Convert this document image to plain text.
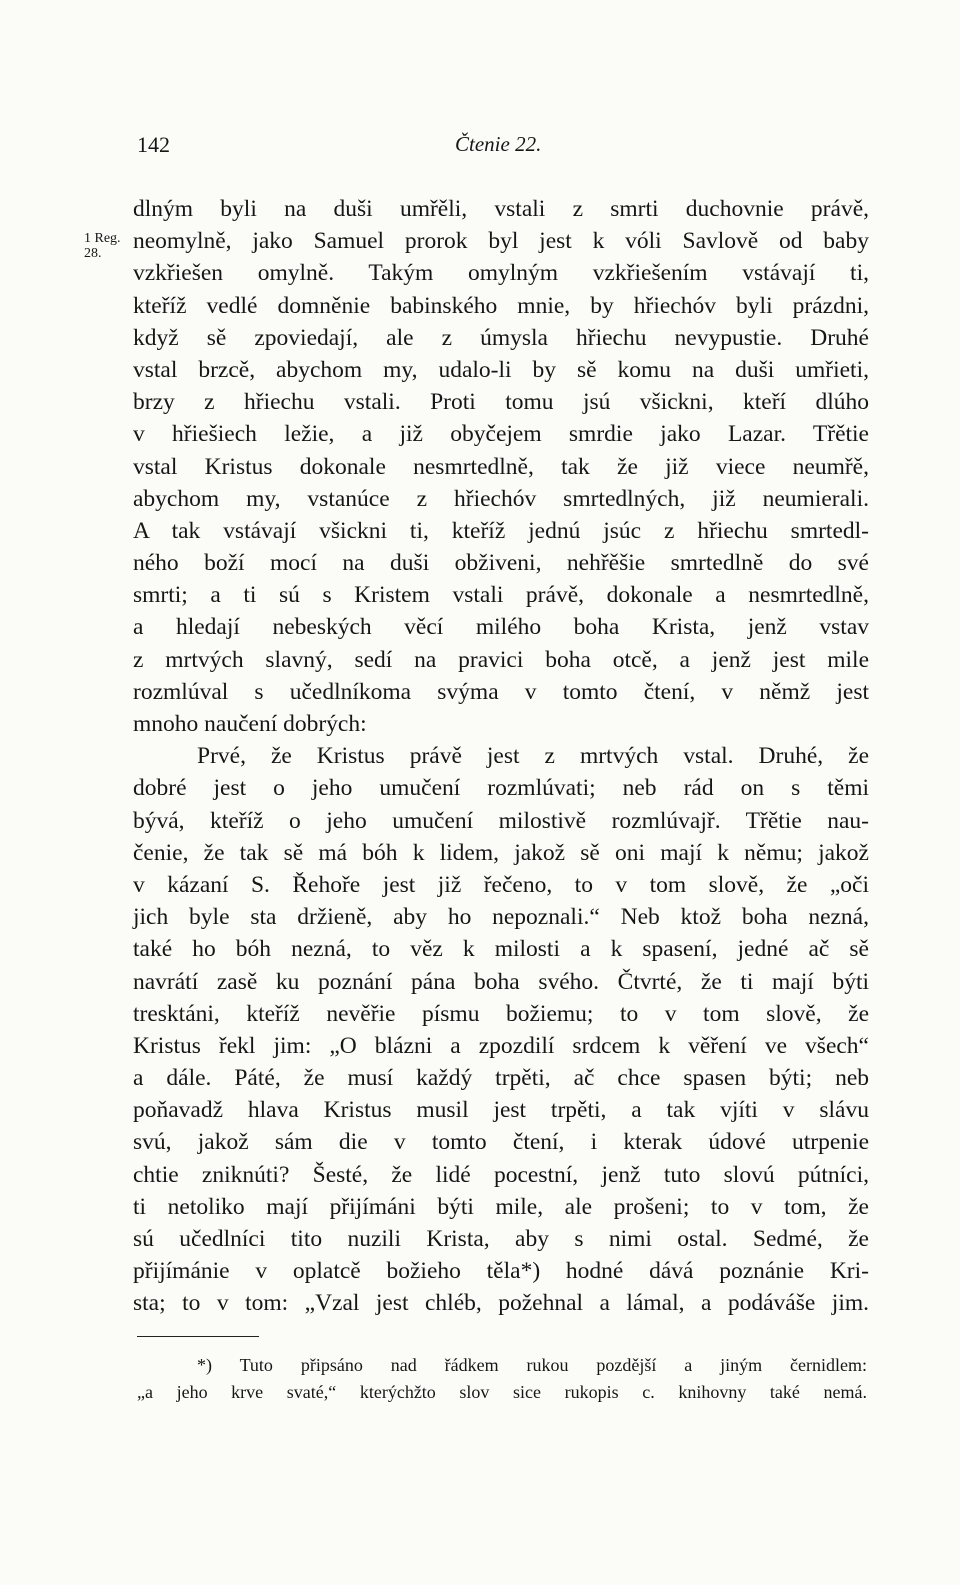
142	Čtenie 22.
1 Reg.
28.
dlným byli na duši umřěli, vstali z smrti duchovnie právě,
neomylně, jako Samuel prorok byl jest k vóli Savlově od baby
vzkřiešen omylně. Takým omylným vzkřiešením vstávají ti,
kteříž vedlé domněnie babinského mnie, by hřiechóv byli prázdni,
když sě zpoviedají, ale z úmysla hřiechu nevypustie. Druhé
vstal brzcě, abychom my, udalo-li by sě komu na duši umřieti,
brzy z hřiechu vstali. Proti tomu jsú všickni, kteří dlúho
v hřiešiech ležie, a již obyčejem smrdie jako Lazar. Třětie
vstal Kristus dokonale nesmrtedlně, tak že již viece neumřě,
abychom my, vstanúce z hřiechóv smrtedlných, již neumierali.
A tak vstávají všickni ti, kteříž jednú jsúc z hřiechu smrtedl-
ného boží mocí na duši obživeni, nehřěšie smrtedlně do své
smrti; a ti sú s Kristem vstali právě, dokonale a nesmrtedlně,
a hledají nebeských věcí milého boha Krista, jenž vstav
z mrtvých slavný, sedí na pravici boha otcě, a jenž jest mile
rozmlúval s učedlníkoma svýma v tomto čtení, v němž jest
mnoho naučení dobrých:
Prvé, že Kristus právě jest z mrtvých vstal. Druhé, že
dobré jest o jeho umučení rozmlúvati; neb rád on s těmi
bývá, kteříž o jeho umučení milostivě rozmlúvajř. Třětie nau-
čenie, že tak sě má bóh k lidem, jakož sě oni mají k němu; jakož
v kázaní S. Řehoře jest již řečeno, to v tom slově, že „oči
jich byle sta držieně, aby ho nepoznali.“ Neb ktož boha nezná,
také ho bóh nezná, to věz k milosti a k spasení, jedné ač sě
navrátí zasě ku poznání pána boha svého. Čtvrté, že ti mají býti
tresktáni, kteříž nevěřie písmu božiemu; to v tom slově, že
Kristus řekl jim: „O blázni a zpozdilí srdcem k věření ve všech“
a dále. Páté, že musí každý trpěti, ač chce spasen býti; neb
poňavadž hlava Kristus musil jest trpěti, a tak vjíti v slávu
svú, jakož sám die v tomto čtení, i kterak údové utrpenie
chtie zniknúti? Šesté, že lidé pocestní, jenž tuto slovú pútníci,
ti netoliko mají přijímáni býti mile, ale prošeni; to v tom, že
sú učedlníci tito nuzili Krista, aby s nimi ostal. Sedmé, že
přijímánie v oplatcě božieho těla*) hodné dává poznánie Kri-
sta; to v tom: „Vzal jest chléb, požehnal a lámal, a podáváše jim.
*) Tuto připsáno nad řádkem rukou pozdější a jiným černidlem:
„a jeho krve svaté,“ kterýchžto slov sice rukopis c. knihovny také nemá.
